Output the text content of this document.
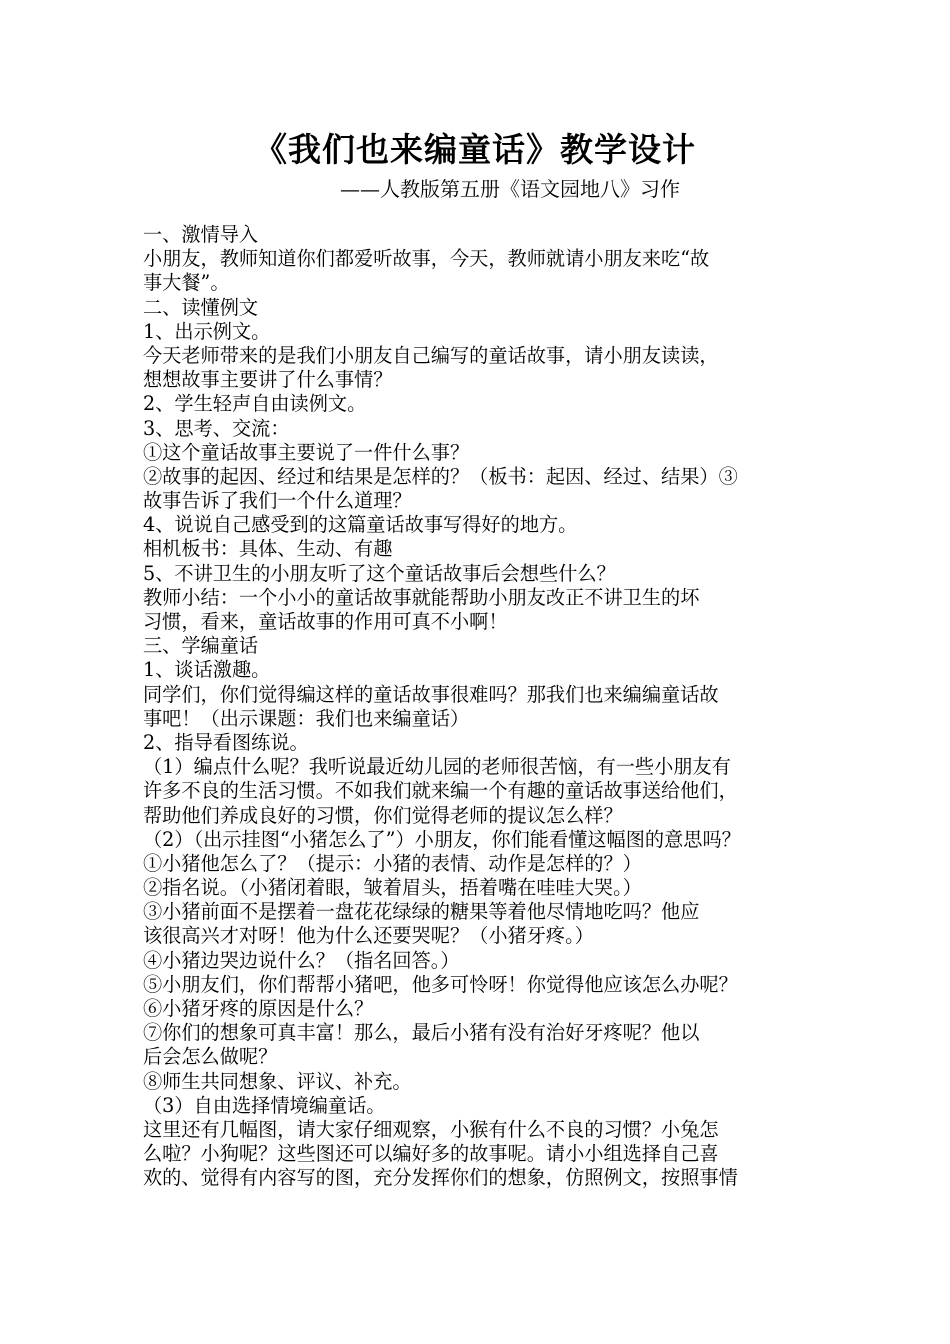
《我们也来编童话》教学设计
——人教版第五册《语文园地八》习作
一、激情导入
小朋友，教师知道你们都爱听故事，今天，教师就请小朋友来吃“故
事大餐”。
二、读懂例文
1、出示例文。
今天老师带来的是我们小朋友自己编写的童话故事，请小朋友读读，
想想故事主要讲了什么事情？
2、学生轻声自由读例文。
3、思考、交流：
①这个童话故事主要说了一件什么事？
②故事的起因、经过和结果是怎样的？（板书：起因、经过、结果）③
故事告诉了我们一个什么道理？
4、说说自己感受到的这篇童话故事写得好的地方。
相机板书：具体、生动、有趣
5、不讲卫生的小朋友听了这个童话故事后会想些什么？
教师小结：一个小小的童话故事就能帮助小朋友改正不讲卫生的坏
习惯，看来，童话故事的作用可真不小啊！
三、学编童话
1、谈话激趣。
同学们，你们觉得编这样的童话故事很难吗？那我们也来编编童话故
事吧！（出示课题：我们也来编童话）
2、指导看图练说。
（1）编点什么呢？我听说最近幼儿园的老师很苦恼，有一些小朋友有
许多不良的生活习惯。不如我们就来编一个有趣的童话故事送给他们，
帮助他们养成良好的习惯，你们觉得老师的提议怎么样？
（2）（出示挂图“小猪怎么了”）小朋友，你们能看懂这幅图的意思吗？
①小猪他怎么了？（提示：小猪的表情、动作是怎样的？）
②指名说。（小猪闭着眼，皱着眉头，捂着嘴在哇哇大哭。）
③小猪前面不是摆着一盘花花绿绿的糖果等着他尽情地吃吗？他应
该很高兴才对呀！他为什么还要哭呢？（小猪牙疼。）
④小猪边哭边说什么？（指名回答。）
⑤小朋友们，你们帮帮小猪吧，他多可怜呀！你觉得他应该怎么办呢？
⑥小猪牙疼的原因是什么？
⑦你们的想象可真丰富！那么，最后小猪有没有治好牙疼呢？他以
后会怎么做呢？
⑧师生共同想象、评议、补充。
（3）自由选择情境编童话。
这里还有几幅图，请大家仔细观察，小猴有什么不良的习惯？小兔怎
么啦？小狗呢？这些图还可以编好多的故事呢。请小小组选择自己喜
欢的、觉得有内容写的图，充分发挥你们的想象，仿照例文，按照事情
